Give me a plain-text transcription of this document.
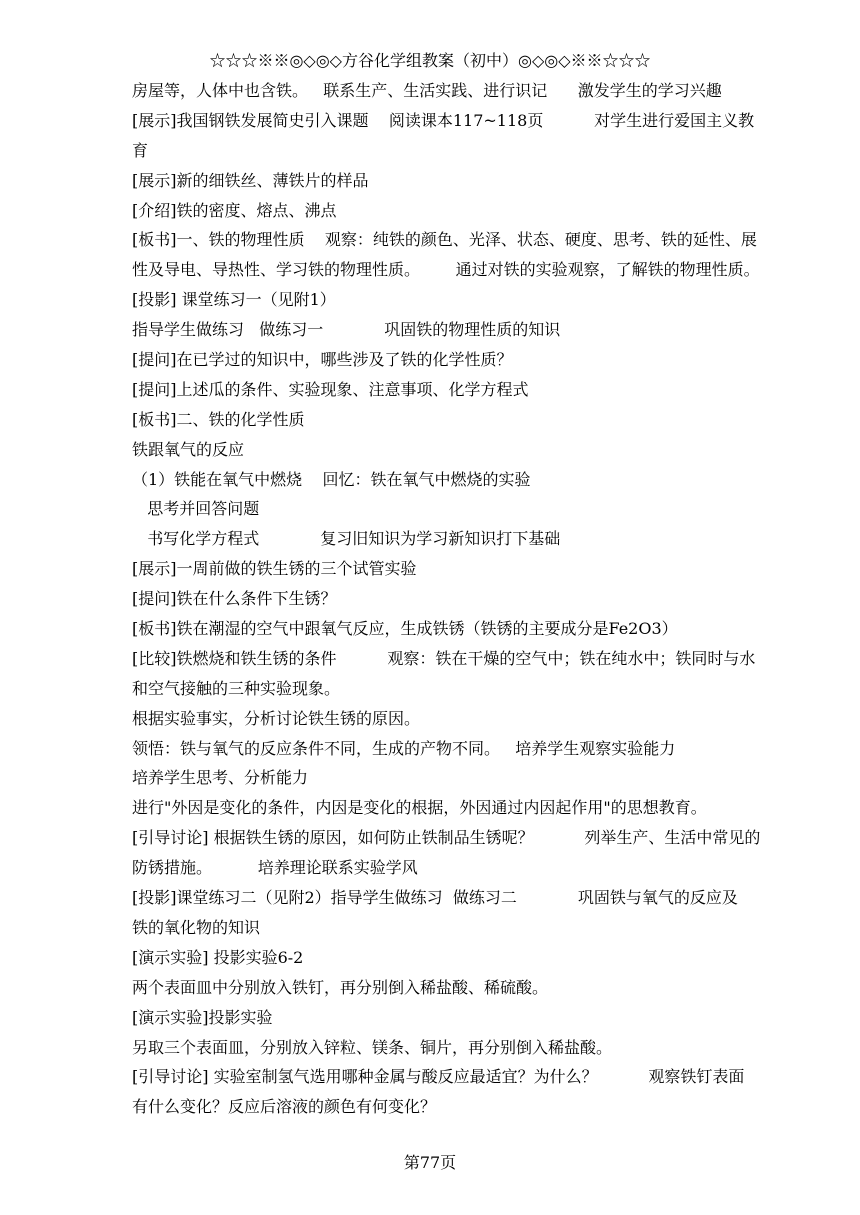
☆☆☆※※◎◇◎◇方谷化学组教案（初中）◎◇◎◇※※☆☆☆
房屋等，人体中也含铁。   联系生产、生活实践、进行识记      激发学生的学习兴趣
[展示]我国钢铁发展简史引入课题    阅读课本117~118页          对学生进行爱国主义教
育
[展示]新的细铁丝、薄铁片的样品
[介绍]铁的密度、熔点、沸点
[板书]一、铁的物理性质    观察：纯铁的颜色、光泽、状态、硬度、思考、铁的延性、展
性及导电、导热性、学习铁的物理性质。       通过对铁的实验观察，了解铁的物理性质。
[投影] 课堂练习一（见附1）
指导学生做练习   做练习一            巩固铁的物理性质的知识
[提问]在已学过的知识中，哪些涉及了铁的化学性质？
[提问]上述瓜的条件、实验现象、注意事项、化学方程式
[板书]二、铁的化学性质
铁跟氧气的反应
（1）铁能在氧气中燃烧    回忆：铁在氧气中燃烧的实验
思考并回答问题
书写化学方程式            复习旧知识为学习新知识打下基础
[展示]一周前做的铁生锈的三个试管实验
[提问]铁在什么条件下生锈？
[板书]铁在潮湿的空气中跟氧气反应，生成铁锈（铁锈的主要成分是Fe2O3）
[比较]铁燃烧和铁生锈的条件          观察：铁在干燥的空气中；铁在纯水中；铁同时与水
和空气接触的三种实验现象。
根据实验事实，分析讨论铁生锈的原因。
领悟：铁与氧气的反应条件不同，生成的产物不同。   培养学生观察实验能力
培养学生思考、分析能力
进行"外因是变化的条件，内因是变化的根据，外因通过内因起作用"的思想教育。
[引导讨论] 根据铁生锈的原因，如何防止铁制品生锈呢？          列举生产、生活中常见的
防锈措施。         培养理论联系实验学风
[投影]课堂练习二（见附2）指导学生做练习  做练习二            巩固铁与氧气的反应及
铁的氧化物的知识
[演示实验] 投影实验6-2
两个表面皿中分别放入铁钉，再分别倒入稀盐酸、稀硫酸。
[演示实验]投影实验
另取三个表面皿，分别放入锌粒、镁条、铜片，再分别倒入稀盐酸。
[引导讨论] 实验室制氢气选用哪种金属与酸反应最适宜？为什么？          观察铁钉表面
有什么变化？反应后溶液的颜色有何变化？
第77页
